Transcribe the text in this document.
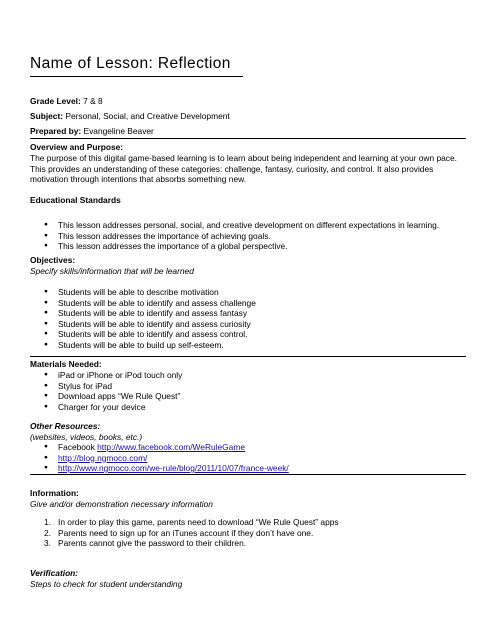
Name of Lesson: Reflection
Grade Level: 7 & 8
Subject: Personal, Social, and Creative Development
Prepared by: Evangeline Beaver
Overview and Purpose:
The purpose of this digital game-based learning is to learn about being independent and learning at your own pace. This provides an understanding of these categories: challenge, fantasy, curiosity, and control. It also provides motivation through intentions that absorbs something new.
Educational Standards
● This lesson addresses personal, social, and creative development on different expectations in learning.
● This lesson addresses the importance of achieving goals.
● This lesson addresses the importance of a global perspective.
Objectives:
Specify skills/information that will be learned
● Students will be able to describe motivation
● Students will be able to identify and assess challenge
● Students will be able to identify and assess fantasy
● Students will be able to identify and assess curiosity
● Students will be able to identify and assess control.
● Students will be able to build up self-esteem.
Materials Needed:
● iPad or iPhone or iPod touch only
● Stylus for iPad
● Download apps “We Rule Quest”
● Charger for your device
Other Resources:
(websites, videos, books, etc.)
● Facebook http://www.facebook.com/WeRuleGame
● http://blog.ngmoco.com/
● http://www.ngmoco.com/we-rule/blog/2011/10/07/france-week/
Information:
Give and/or demonstration necessary information
1. In order to play this game, parents need to download “We Rule Quest” apps
2. Parents need to sign up for an iTunes account if they don’t have one.
3. Parents cannot give the password to their children.
Verification:
Steps to check for student understanding
